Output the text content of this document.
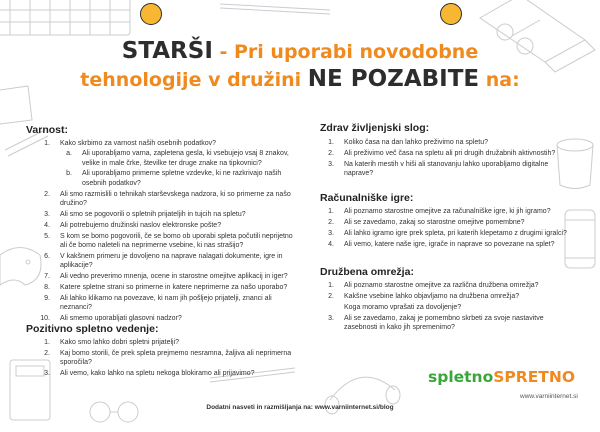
STARŠI - Pri uporabi novodobne
tehnologije v družini NE POZABITE na:
Varnost:
1. Kako skrbimo za varnost naših osebnih podatkov?
a. Ali uporabljamo varna, zapletena gesla, ki vsebujejo vsaj 8 znakov, velike in male črke, številke ter druge znake na tipkovnici?
b. Ali uporabljamo primerne spletne vzdevke, ki ne razkrivajo naših osebnih podatkov?
2. Ali smo razmislili o tehnikah starševskega nadzora, ki so primerne za našo družino?
3. Ali smo se pogovorili o spletnih prijateljih in tujcih na spletu?
4. Ali potrebujemo družinski naslov elektronske pošte?
5. S kom se bomo pogovorili, če se bomo ob uporabi spleta počutili neprijetno ali če bomo naleteli na neprimerne vsebine, ki nas strašijo?
6. V kakšnem primeru je dovoljeno na naprave nalagati dokumente, igre in aplikacije?
7. Ali vedno preverimo mnenja, ocene in starostne omejitve aplikacij in iger?
8. Katere spletne strani so primerne in katere neprimerne za našo uporabo?
9. Ali lahko klikamo na povezave, ki nam jih pošljejo prijatelji, znanci ali neznanci?
10. Ali smemo uporabljati glasovni nadzor?
Pozitivno spletno vedenje:
1. Kako smo lahko dobri spletni prijatelji?
2. Kaj bomo storili, če prek spleta prejmemo nesramna, žaljiva ali neprimerna sporočila?
3. Ali vemo, kako lahko na spletu nekoga blokiramo ali prijavimo?
Zdrav življenjski slog:
1. Koliko časa na dan lahko preživimo na spletu?
2. Ali preživimo več časa na spletu ali pri drugih družabnih aktivnostih?
3. Na katerih mestih v hiši ali stanovanju lahko uporabljamo digitalne naprave?
Računalniške igre:
1. Ali poznamo starostne omejitve za računalniške igre, ki jih igramo?
2. Ali se zavedamo, zakaj so starostne omejitve pomembne?
3. Ali lahko igramo igre prek spleta, pri katerih klepetamo z drugimi igralci?
4. Ali vemo, katere naše igre, igrače in naprave so povezane na splet?
Družbena omrežja:
1. Ali poznamo starostne omejitve za različna družbena omrežja?
2. Kakšne vsebine lahko objavljamo na družbena omrežja?
Koga moramo vprašati za dovoljenje?
3. Ali se zavedamo, zakaj je pomembno skrbeti za svoje nastavitve zasebnosti in kako jih spremenimo?
spletnoSPRETNO
www.varniinternet.si
Dodatni nasveti in razmišljanja na: www.varniinternet.si/blog
